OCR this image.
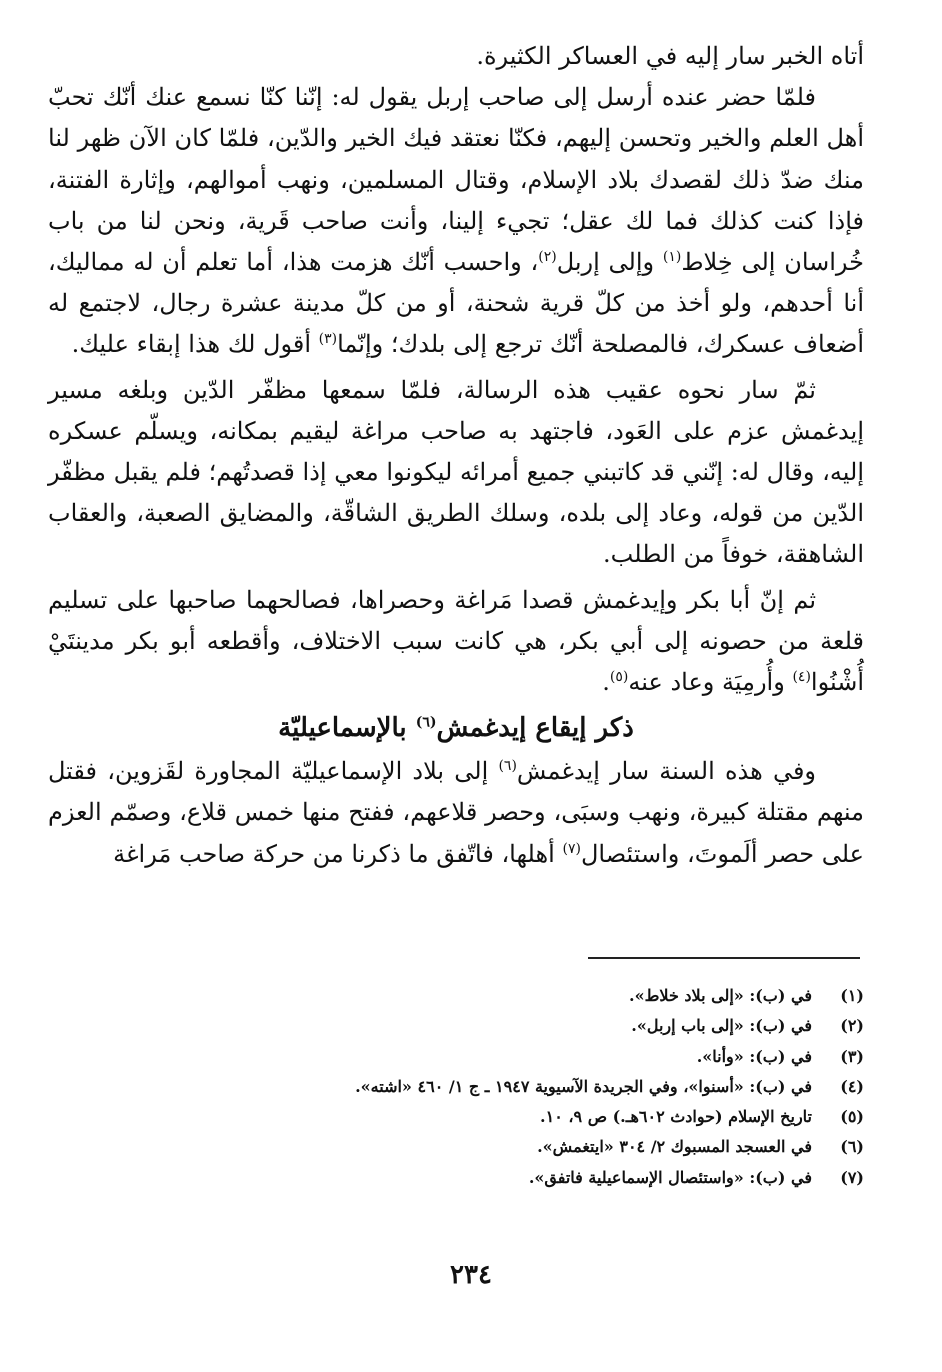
أتاه الخبر سار إليه في العساكر الكثيرة.

فلمّا حضر عنده أرسل إلى صاحب إربل يقول له: إنّنا كنّا نسمع عنك أنّك تحبّ أهل العلم والخير وتحسن إليهم، فكنّا نعتقد فيك الخير والدّين، فلمّا كان الآن ظهر لنا منك ضدّ ذلك لقصدك بلاد الإسلام، وقتال المسلمين، ونهب أموالهم، وإثارة الفتنة، فإذا كنت كذلك فما لك عقل؛ تجيء إلينا، وأنت صاحب قَرية، ونحن لنا من باب خُراسان إلى خِلاط$^{(١)}$ وإلى إربل$^{(٢)}$، واحسب أنّك هزمت هذا، أما تعلم أن له مماليك، أنا أحدهم، ولو أخذ من كلّ قرية شحنة، أو من كلّ مدينة عشرة رجال، لاجتمع له أضعاف عسكرك، فالمصلحة أنّك ترجع إلى بلدك؛ وإنّما$^{(٣)}$ أقول لك هذا إبقاء عليك.

ثمّ سار نحوه عقيب هذه الرسالة، فلمّا سمعها مظفّر الدّين وبلغه مسير إيدغمش عزم على العَود، فاجتهد به صاحب مراغة ليقيم بمكانه، ويسلّم عسكره إليه، وقال له: إنّني قد كاتبني جميع أمرائه ليكونوا معي إذا قصدتُهم؛ فلم يقبل مظفّر الدّين من قوله، وعاد إلى بلده، وسلك الطريق الشاقّة، والمضايق الصعبة، والعقاب الشاهقة، خوفاً من الطلب.

ثم إنّ أبا بكر وإيدغمش قصدا مَراغة وحصراها، فصالحهما صاحبها على تسليم قلعة من حصونه إلى أبي بكر، هي كانت سبب الاختلاف، وأقطعه أبو بكر مدينتَيْ أُشْنُوا$^{(٤)}$ وأُرمِيَة وعاد عنه$^{(٥)}$.

ذكر إيقاع إيدغمش$^{(٦)}$ بالإسماعيليّة

وفي هذه السنة سار إيدغمش$^{(٦)}$ إلى بلاد الإسماعيليّة المجاورة لقَزوين، فقتل منهم مقتلة كبيرة، ونهب وسبَى، وحصر قلاعهم، ففتح منها خمس قلاع، وصمّم العزم على حصر ألَموتَ، واستئصال$^{(٧)}$ أهلها، فاتّفق ما ذكرنا من حركة صاحب مَراغة

(١)
في (ب): «إلى بلاد خلاط».
(٢)
في (ب): «إلى باب إربل».
(٣)
في (ب): «وأنا».
(٤)
في (ب): «أسنوا»، وفي الجريدة الآسيوية ١٩٤٧ ـ ج ١/ ٤٦٠ «اشته».
(٥)
تاريخ الإسلام (حوادث ٦٠٢هـ.) ص ٩، ١٠.
(٦)
في العسجد المسبوك ٢/ ٣٠٤ «ايتغمش».
(٧)
في (ب): «واستئصال الإسماعيلية فاتفق».
٢٣٤
